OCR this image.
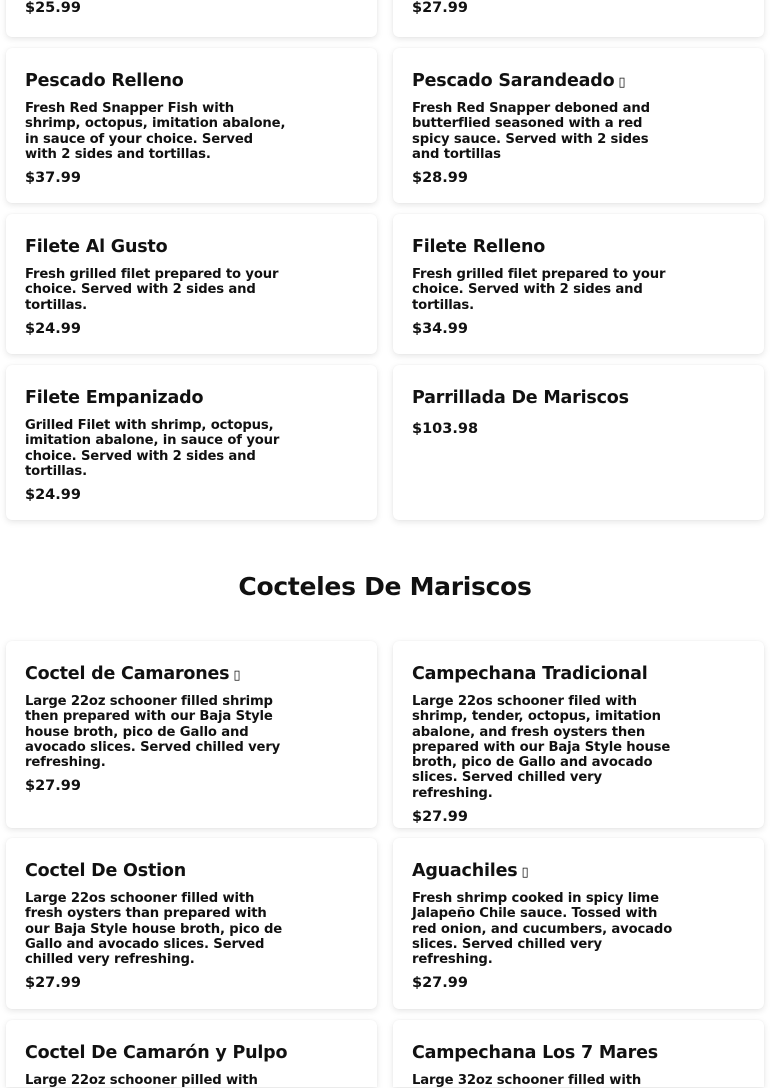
$25.99	$27.99

Pescado Relleno

Fresh Red Snapper Fish with shrimp, octopus, imitation abalone, in sauce of your choice. Served with 2 sides and tortillas.

$37.99

Pescado Sarandeado ▯

Fresh Red Snapper deboned and butterflied seasoned with a red spicy sauce. Served with 2 sides and tortillas

$28.99

Filete Al Gusto

Fresh grilled filet prepared to your choice. Served with 2 sides and tortillas.

$24.99

Filete Relleno

Fresh grilled filet prepared to your choice. Served with 2 sides and tortillas.

$34.99

Filete Empanizado

Grilled Filet with shrimp, octopus, imitation abalone, in sauce of your choice. Served with 2 sides and tortillas.

$24.99

Parrillada De Mariscos

$103.98

Cocteles De Mariscos

Coctel de Camarones ▯

Large 22oz schooner filled shrimp then prepared with our Baja Style house broth, pico de Gallo and avocado slices. Served chilled very refreshing.

$27.99

Campechana Tradicional

Large 22os schooner filed with shrimp, tender, octopus, imitation abalone, and fresh oysters then prepared with our Baja Style house broth, pico de Gallo and avocado slices. Served chilled very refreshing.

$27.99

Coctel De Ostion

Large 22os schooner filled with fresh oysters than prepared with our Baja Style house broth, pico de Gallo and avocado slices. Served chilled very refreshing.

$27.99

Aguachiles ▯

Fresh shrimp cooked in spicy lime Jalapeño Chile sauce. Tossed with red onion, and cucumbers, avocado slices. Served chilled very refreshing.

$27.99

Coctel De Camarón y Pulpo

Large 22oz schooner pilled with

Campechana Los 7 Mares

Large 32oz schooner filled with
